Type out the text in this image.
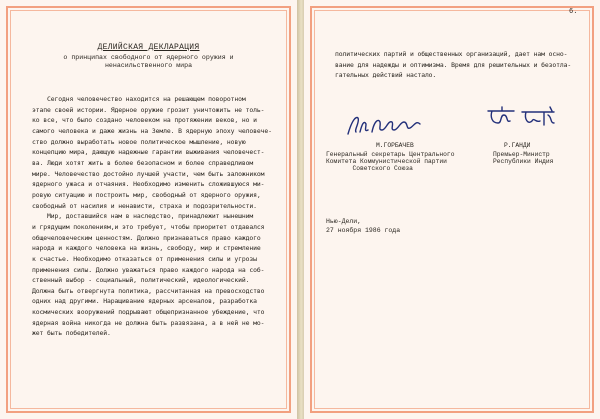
ДЕЛИЙСКАЯ ДЕКЛАРАЦИЯ
о принципах свободного от ядерного оружия и
ненасильственного мира
Сегодня человечество находится на решающем поворотном
этапе своей истории. Ядерное оружие грозит уничтожить не толь-
ко все, что было создано человеком на протяжении веков, но и
самого человека и даже жизнь на Земле. В ядерную эпоху человече-
ство должно выработать новое политическое мышление, новую
концепцию мира, дающую надежные гарантии выживания человечест-
ва. Люди хотят жить в более безопасном и более справедливом
мире. Человечество достойно лучшей участи, чем быть заложником
ядерного ужаса и отчаяния. Необходимо изменить сложившуюся ми-
ровую ситуацию и построить мир, свободный от ядерного оружия,
свободный от насилия и ненависти, страха и подозрительности.
Мир, доставшийся нам в наследство, принадлежит нынешним
и грядущим поколениям,и это требует, чтобы приоритет отдавался
общечеловеческим ценностям. Должно признаваться право каждого
народа и каждого человека на жизнь, свободу, мир и стремление
к счастье. Необходимо отказаться от применения силы и угрозы
применения силы. Должно уважаться право каждого народа на соб-
ственный выбор - социальный, политический, идеологический.
Должна быть отвергнута политика, рассчитанная на превосходство
одних над другими. Наращивание ядерных арсеналов, разработка
космических вооружений подрывают общепризнанное убеждение, что
ядерная война никогда не должна быть развязана, а в ней не мо-
жет быть победителей.
6.
политических партий и общественных организаций, дает нам осно-
вание для надежды и оптимизма. Время для решительных и безотла-
гательных действий настало.
М.ГОРБАЧЕВ
Генеральный секретарь Центрального
Комитета Коммунистической партии
Советского Союза
Р.ГАНДИ
Премьер-Министр
Республики Индия
Нью-Дели,
27 ноября 1986 года
